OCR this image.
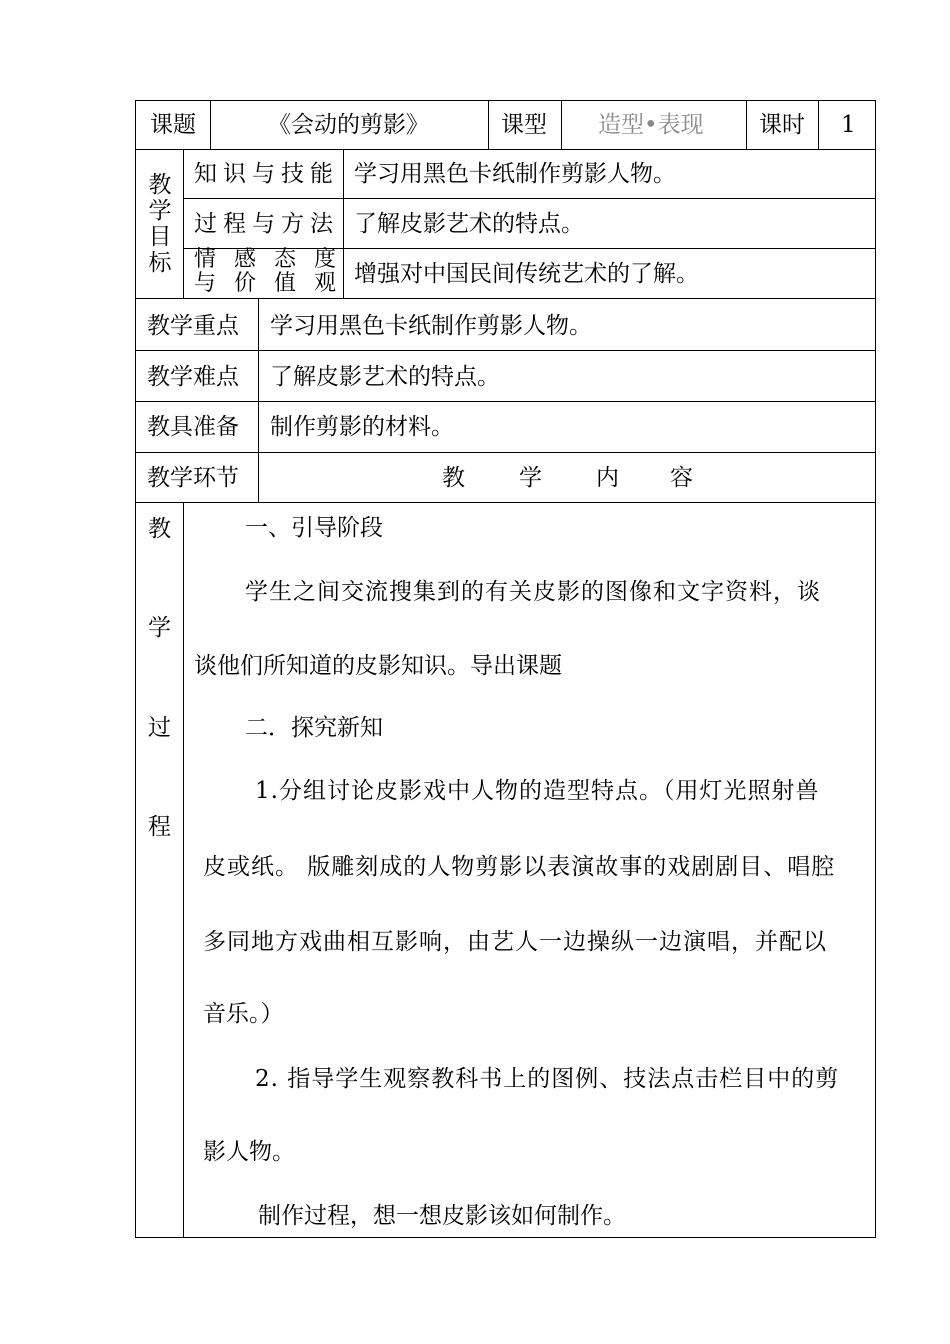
课题	《会动的剪影》	课型 造型•表现 课时 1
教
学
目
标
知识与技能 学习用黑色卡纸制作剪影人物。
过程与方法 了解皮影艺术的特点。
情感态度
与价值观 增强对中国民间传统艺术的了解。
教学重点 学习用黑色卡纸制作剪影人物。
教学难点 了解皮影艺术的特点。
教具准备 制作剪影的材料。
教学环节	教 学 内 容
教
学
过
程
一、引导阶段
学生之间交流搜集到的有关皮影的图像和文字资料，谈
谈他们所知道的皮影知识。导出课题
二．探究新知
1.分组讨论皮影戏中人物的造型特点。（用灯光照射兽
皮或纸。 版雕刻成的人物剪影以表演故事的戏剧剧目、唱腔
多同地方戏曲相互影响，由艺人一边操纵一边演唱，并配以
音乐。）
2. 指导学生观察教科书上的图例、技法点击栏目中的剪
影人物。
制作过程，想一想皮影该如何制作。
